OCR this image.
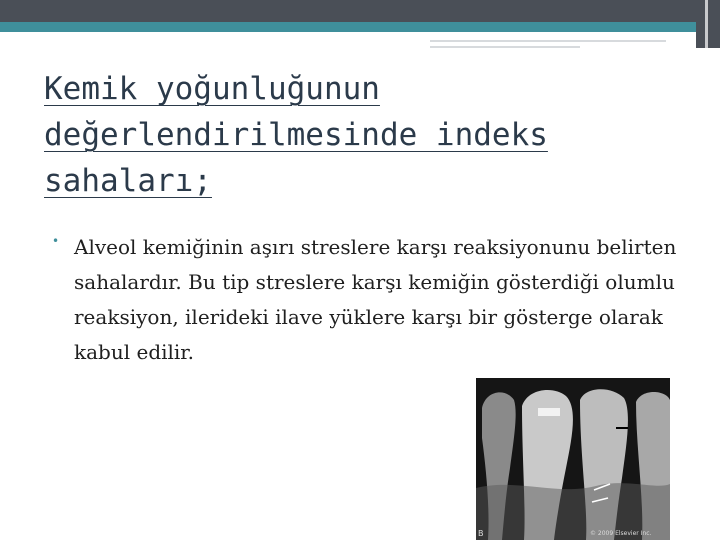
Kemik yoğunluğunun değerlendirilmesinde indeks sahaları;
• Alveol kemiğinin aşırı streslere karşı reaksiyonunu belirten sahalardır. Bu tip streslere karşı kemiğin gösterdiği olumlu reaksiyon, ilerideki ilave yüklere karşı bir gösterge olarak kabul edilir.
B	© 2009 Elsevier Inc.
